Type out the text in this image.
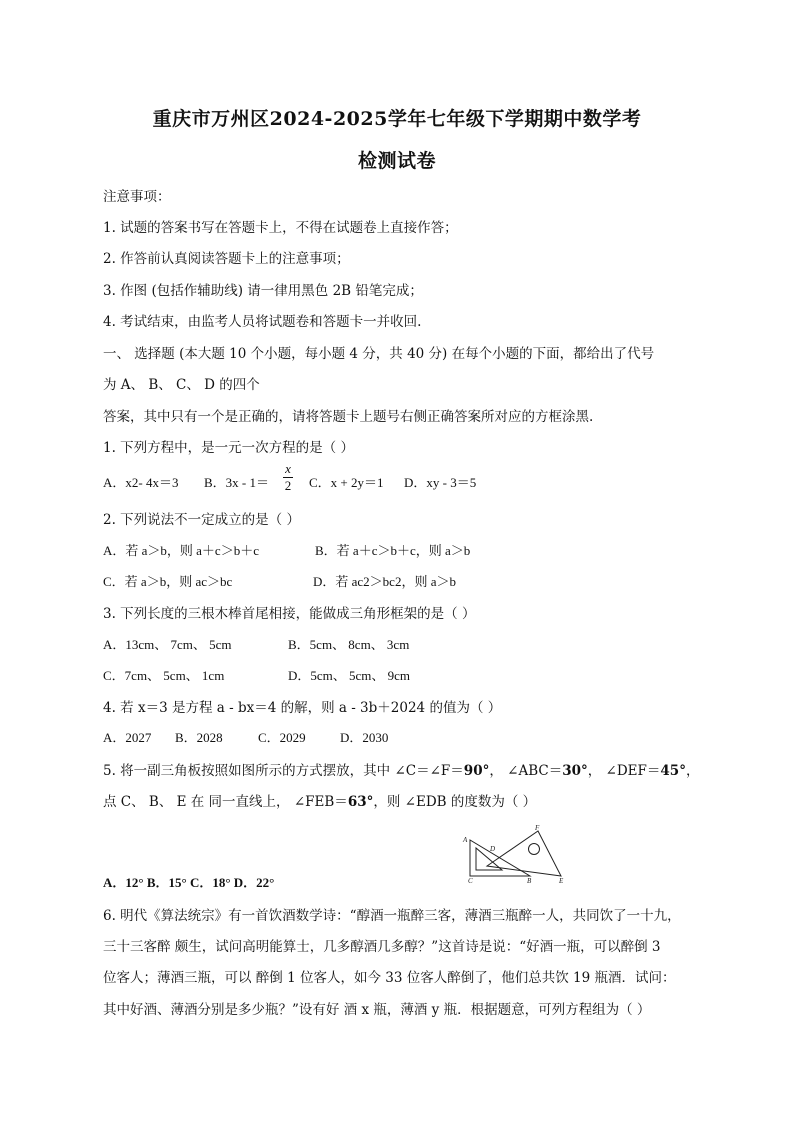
重庆市万州区2024-2025学年七年级下学期期中数学考
检测试卷
注意事项：
1. 试题的答案书写在答题卡上，不得在试题卷上直接作答；
2. 作答前认真阅读答题卡上的注意事项；
3. 作图 (包括作辅助线) 请一律用黑色 2B 铅笔完成；
4. 考试结束，由监考人员将试题卷和答题卡一并收回.
一、 选择题 (本大题 10 个小题，每小题 4 分，共 40 分) 在每个小题的下面，都给出了代号
为 A、 B、 C、 D 的四个
答案，其中只有一个是正确的，请将答题卡上题号右侧正确答案所对应的方框涂黑.
1. 下列方程中，是一元一次方程的是（ ）
A．x2- 4x＝3 B．3x - 1＝
x
2 C．x + 2y＝1 D．xy - 3＝5
2. 下列说法不一定成立的是（ ）
A．若 a＞b，则 a＋c＞b＋c	B．若 a＋c＞b＋c，则 a＞b
C．若 a＞b，则 ac＞bc	D．若 ac2＞bc2，则 a＞b
3. 下列长度的三根木棒首尾相接，能做成三角形框架的是（ ）
A．13cm、 7cm、 5cm	B．5cm、 8cm、 3cm
C．7cm、 5cm、 1cm	D．5cm、 5cm、 9cm
4. 若 x＝3 是方程 a - bx＝4 的解，则 a - 3b＋2024 的值为（ ）
A．2027 B．2028	C．2029	D．2030
5. 将一副三角板按照如图所示的方式摆放，其中 ∠C＝∠F＝90°， ∠ABC＝30°， ∠DEF＝45°，
点 C、 B、 E 在 同一直线上， ∠FEB＝63°，则 ∠EDB 的度数为（ ）
A
C	B	E
D
F
A．12° B．15° C．18° D．22°
6. 明代《算法统宗》有一首饮酒数学诗：“醇酒一瓶醉三客，薄酒三瓶醉一人，共同饮了一十九，
三十三客醉 颇生，试问高明能算士，几多醇酒几多醇？”这首诗是说：“好酒一瓶，可以醉倒 3
位客人；薄酒三瓶，可以 醉倒 1 位客人，如今 33 位客人醉倒了，他们总共饮 19 瓶酒．试问：
其中好酒、薄酒分别是多少瓶？”设有好 酒 x 瓶，薄酒 y 瓶．根据题意，可列方程组为（ ）
